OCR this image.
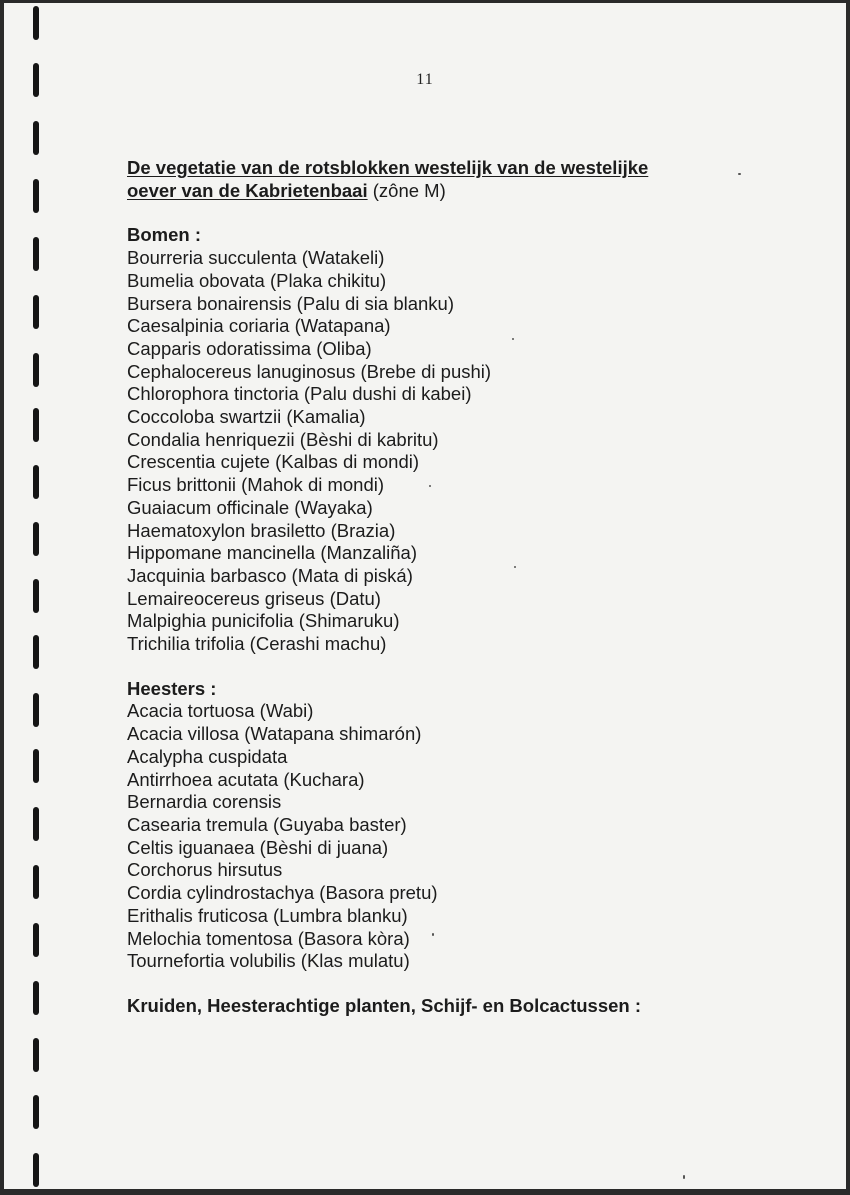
11

De vegetatie van de rotsblokken westelijk van de westelijke
oever van de Kabrietenbaai (zône M)

Bomen :
Bourreria succulenta (Watakeli)
Bumelia obovata (Plaka chikitu)
Bursera bonairensis (Palu di sia blanku)
Caesalpinia coriaria (Watapana)
Capparis odoratissima (Oliba)
Cephalocereus lanuginosus (Brebe di pushi)
Chlorophora tinctoria (Palu dushi di kabei)
Coccoloba swartzii (Kamalia)
Condalia henriquezii (Bèshi di kabritu)
Crescentia cujete (Kalbas di mondi)
Ficus brittonii (Mahok di mondi)
Guaiacum officinale (Wayaka)
Haematoxylon brasiletto (Brazia)
Hippomane mancinella (Manzaliña)
Jacquinia barbasco (Mata di piská)
Lemaireocereus griseus (Datu)
Malpighia punicifolia (Shimaruku)
Trichilia trifolia (Cerashi machu)
Heesters :
Acacia tortuosa (Wabi)
Acacia villosa (Watapana shimarón)
Acalypha cuspidata
Antirrhoea acutata (Kuchara)
Bernardia corensis
Casearia tremula (Guyaba baster)
Celtis iguanaea (Bèshi di juana)
Corchorus hirsutus
Cordia cylindrostachya (Basora pretu)
Erithalis fruticosa (Lumbra blanku)
Melochia tomentosa (Basora kòra)
Tournefortia volubilis (Klas mulatu)
Kruiden, Heesterachtige planten, Schijf- en Bolcactussen :
